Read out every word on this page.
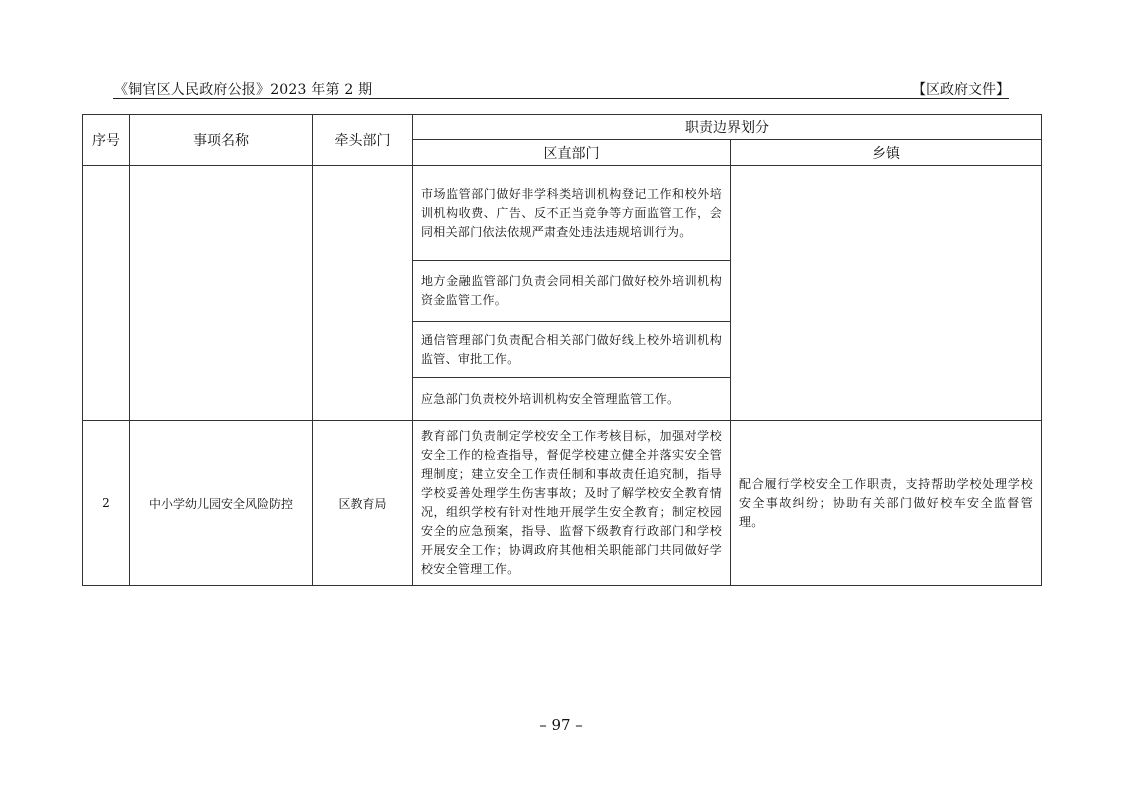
《铜官区人民政府公报》2023 年第 2 期	【区政府文件】
序号	事项名称	牵头部门	职责边界划分	
			区直部门	乡镇

			市场监管部门做好非学科类培训机构登记工作和校外培训机构收费、广告、反不正当竞争等方面监管工作，会同相关部门依法依规严肃查处违法违规培训行为。	

			地方金融监管部门负责会同相关部门做好校外培训机构资金监管工作。	

			通信管理部门负责配合相关部门做好线上校外培训机构监管、审批工作。	

			应急部门负责校外培训机构安全管理监管工作。	

2	中小学幼儿园安全风险防控	区教育局	教育部门负责制定学校安全工作考核目标，加强对学校安全工作的检查指导，督促学校建立健全并落实安全管理制度；建立安全工作责任制和事故责任追究制，指导学校妥善处理学生伤害事故；及时了解学校安全教育情况，组织学校有针对性地开展学生安全教育；制定校园安全的应急预案，指导、监督下级教育行政部门和学校开展安全工作；协调政府其他相关职能部门共同做好学校安全管理工作。	配合履行学校安全工作职责，支持帮助学校处理学校安全事故纠纷；协助有关部门做好校车安全监督管理。
– 97 –
